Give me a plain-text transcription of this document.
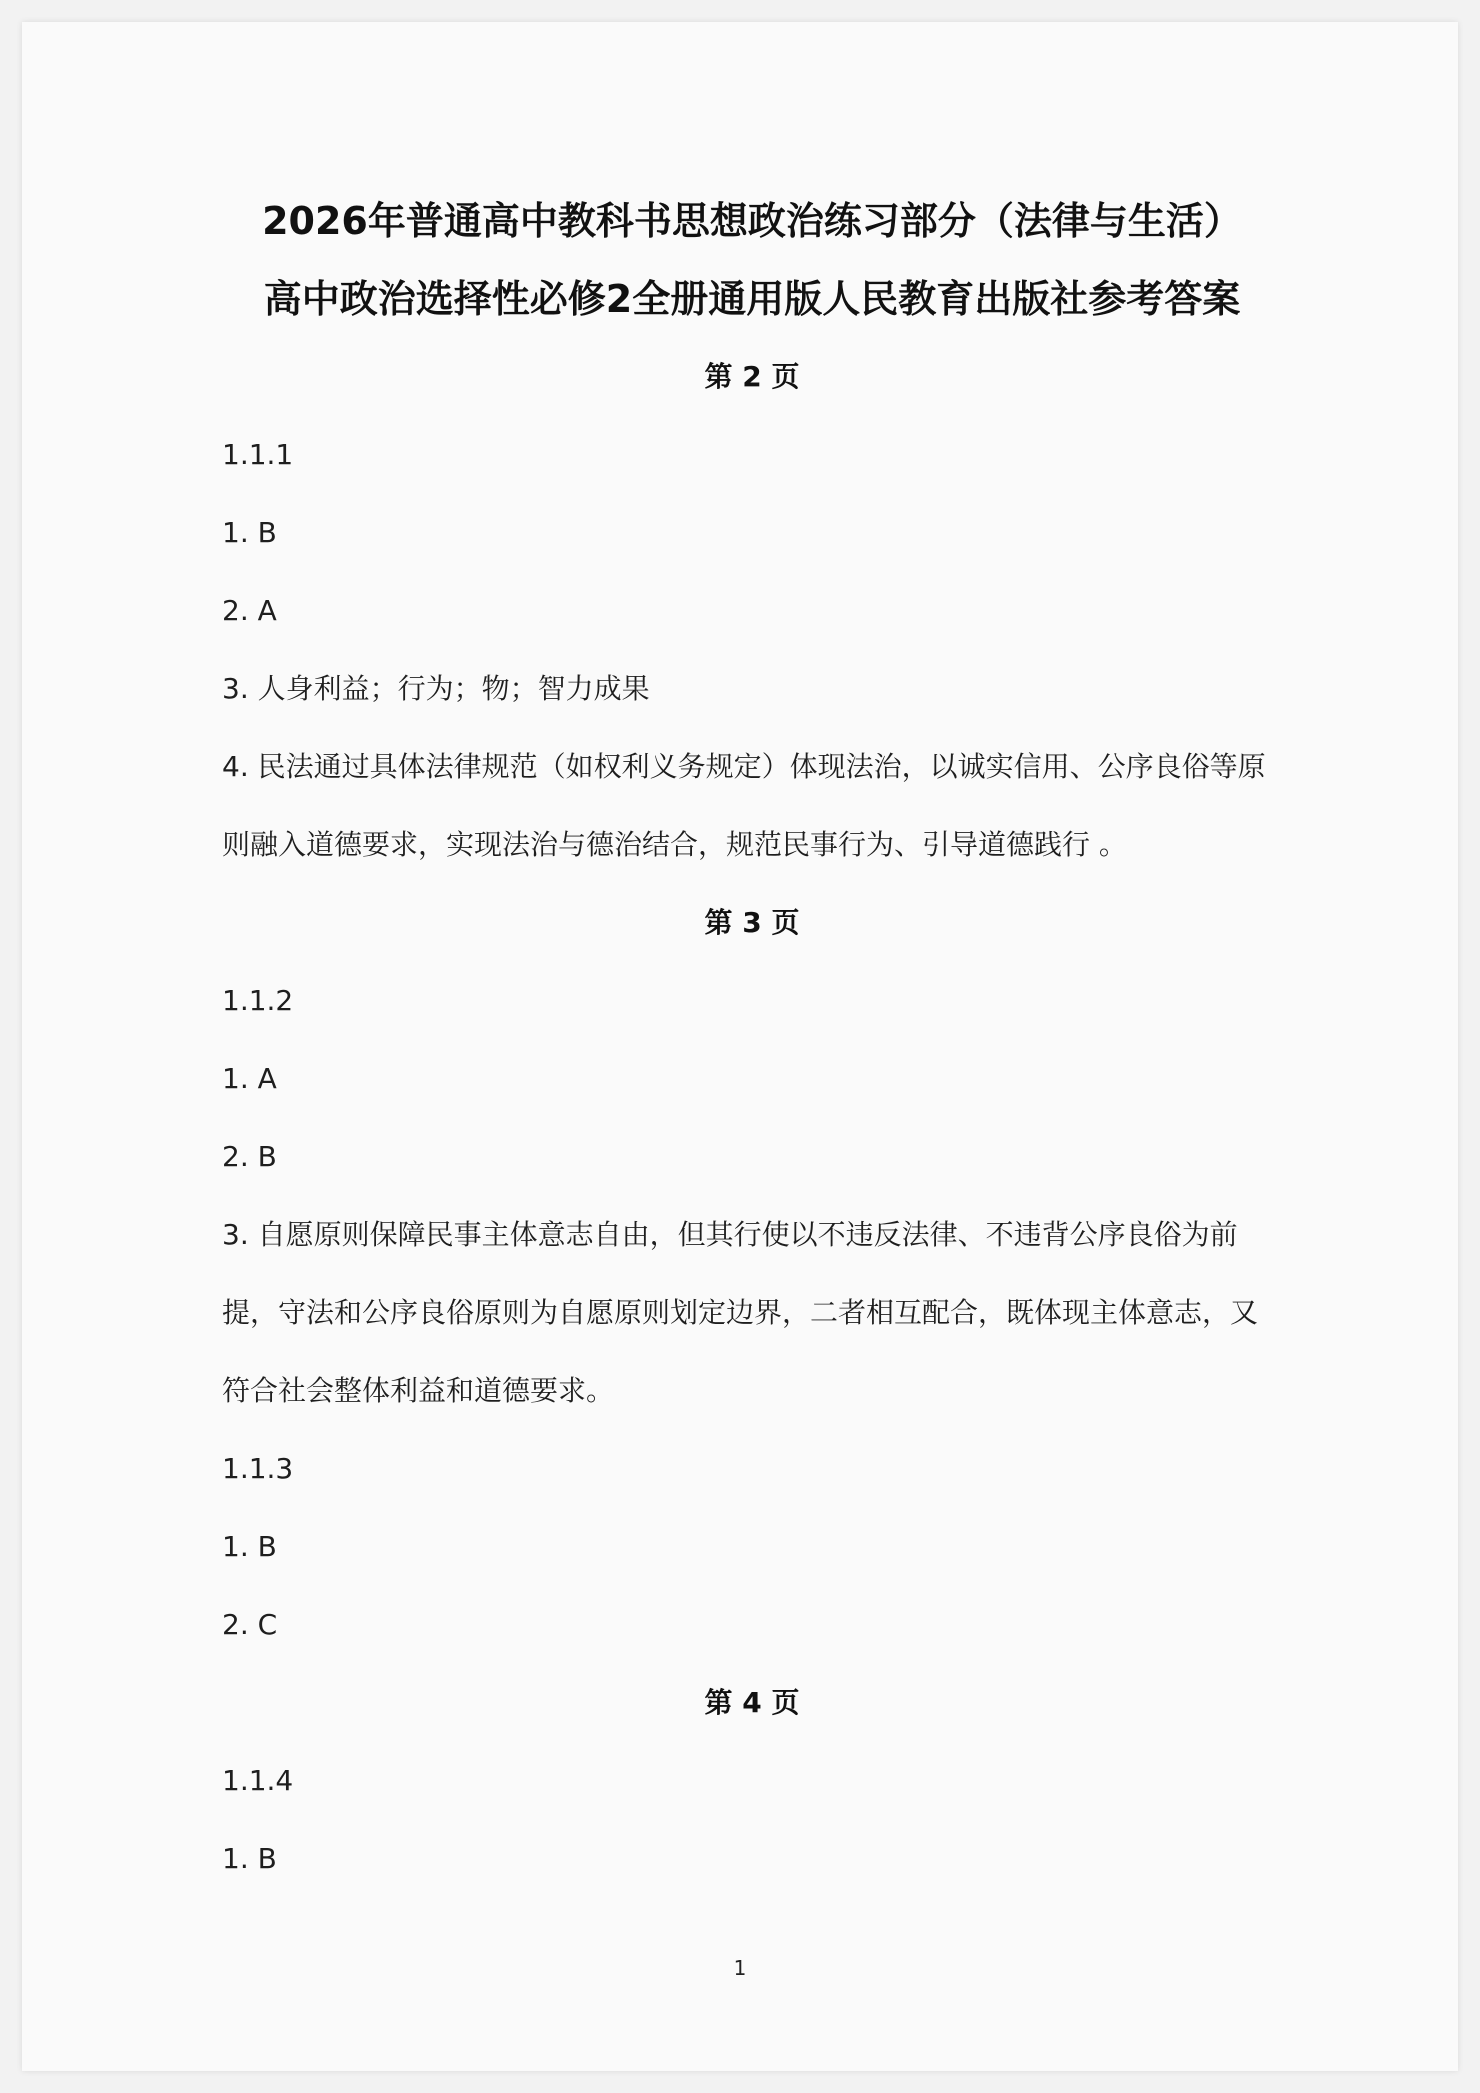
2026年普通高中教科书思想政治练习部分（法律与生活）

高中政治选择性必修2全册通用版人民教育出版社参考答案

第 2 页

1.1.1

1. B

2. A

3. 人身利益；行为；物；智力成果

4. 民法通过具体法律规范（如权利义务规定）体现法治，以诚实信用、公序良俗等原则融入道德要求，实现法治与德治结合，规范民事行为、引导道德践行 。

第 3 页

1.1.2

1. A

2. B

3. 自愿原则保障民事主体意志自由，但其行使以不违反法律、不违背公序良俗为前提，守法和公序良俗原则为自愿原则划定边界，二者相互配合，既体现主体意志，又符合社会整体利益和道德要求。

1.1.3

1. B

2. C

第 4 页

1.1.4

1. B

1
